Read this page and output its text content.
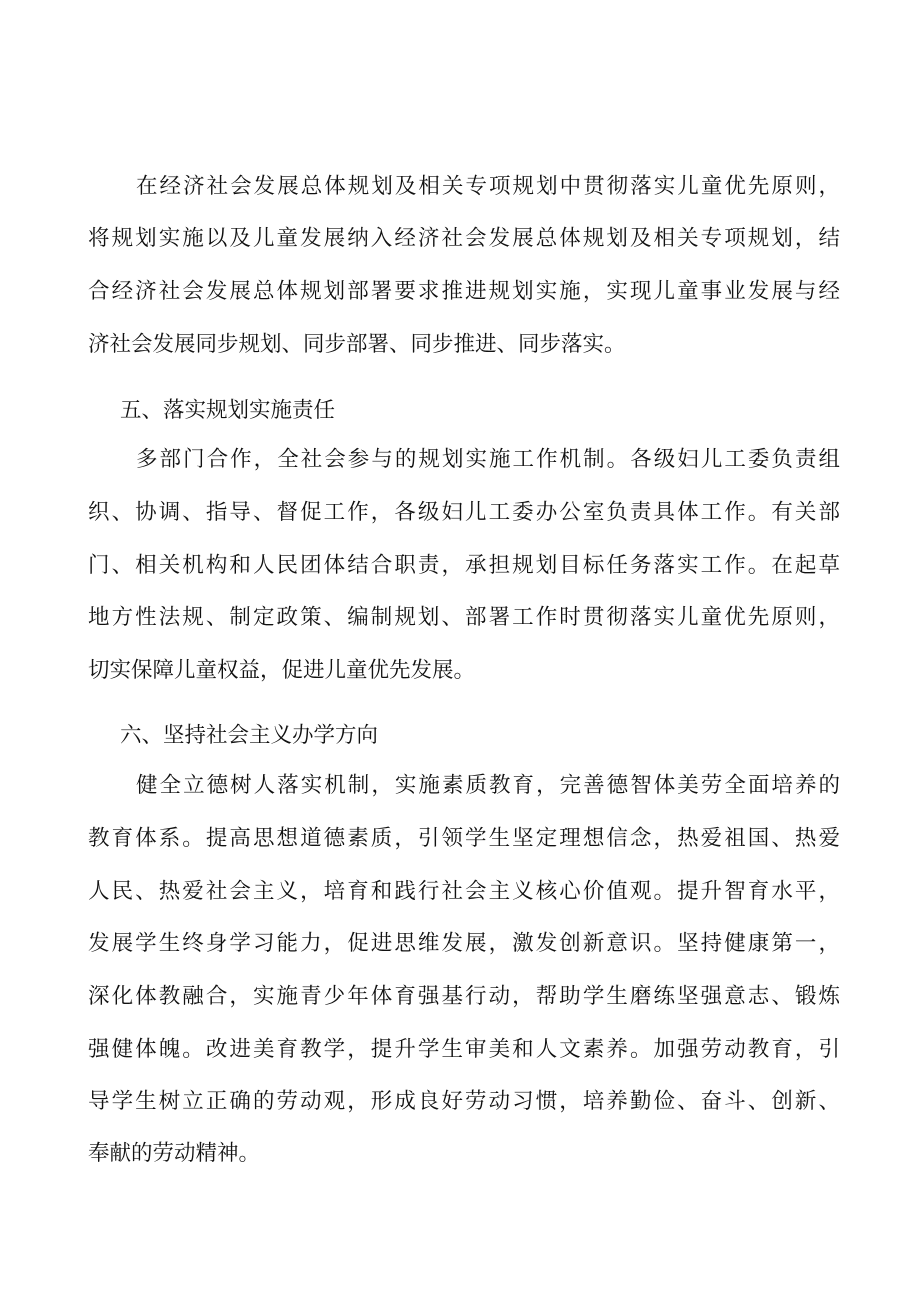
在经济社会发展总体规划及相关专项规划中贯彻落实儿童优先原则，

将规划实施以及儿童发展纳入经济社会发展总体规划及相关专项规划，结

合经济社会发展总体规划部署要求推进规划实施，实现儿童事业发展与经

济社会发展同步规划、同步部署、同步推进、同步落实。

五、落实规划实施责任

多部门合作，全社会参与的规划实施工作机制。各级妇儿工委负责组

织、协调、指导、督促工作，各级妇儿工委办公室负责具体工作。有关部

门、相关机构和人民团体结合职责，承担规划目标任务落实工作。在起草

地方性法规、制定政策、编制规划、部署工作时贯彻落实儿童优先原则，

切实保障儿童权益，促进儿童优先发展。

六、坚持社会主义办学方向

健全立德树人落实机制，实施素质教育，完善德智体美劳全面培养的

教育体系。提高思想道德素质，引领学生坚定理想信念，热爱祖国、热爱

人民、热爱社会主义，培育和践行社会主义核心价值观。提升智育水平，

发展学生终身学习能力，促进思维发展，激发创新意识。坚持健康第一，

深化体教融合，实施青少年体育强基行动，帮助学生磨练坚强意志、锻炼

强健体魄。改进美育教学，提升学生审美和人文素养。加强劳动教育，引

导学生树立正确的劳动观，形成良好劳动习惯，培养勤俭、奋斗、创新、

奉献的劳动精神。
